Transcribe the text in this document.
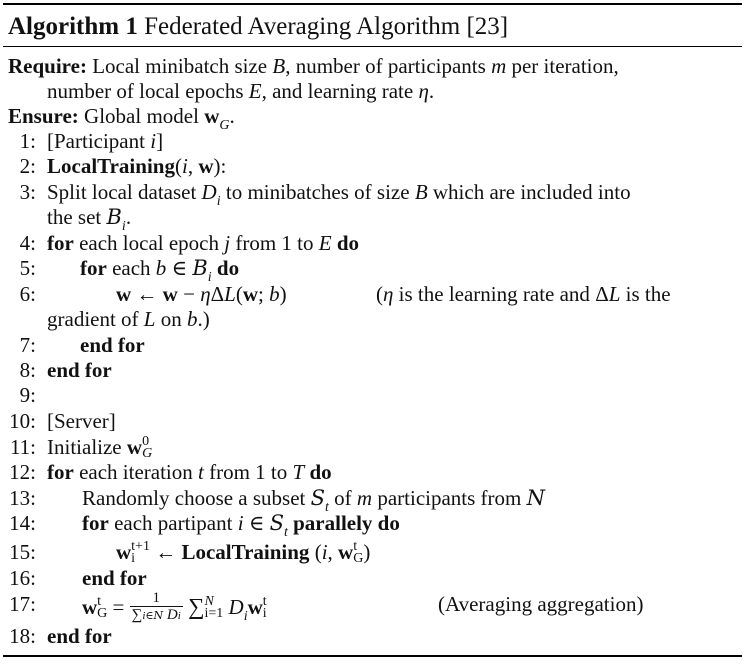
Algorithm 1 Federated Averaging Algorithm [23]
Require: Local minibatch size B, number of participants m per iteration,
number of local epochs E, and learning rate η.
Ensure: Global model $w_G$.
1: [Participant i]
2: LocalTraining(i, w):
3: Split local dataset $D_i$ to minibatches of size B which are included into
the set $B_i$.
4: for each local epoch j from 1 to E do
5: for each b ∈ $B_i$ do
6:	w ← w − ηΔL(w; b)	(η is the learning rate and ΔL is the
gradient of L on b.)
7: end for
8: end for
9:
10: [Server]
11: Initialize w 0
G
12: for each iteration t from 1 to T do
13: Randomly choose a subset $S_t$ of m participants from N
14: for each partipant i ∈ $S_t$ parallely do
15:	w t+1
i ← LocalTraining (i, w t
G )
16: end for
17: w t
$G = \frac{1}{\text{∑i∈N Di}}$ ∑ N
i=1 $D_iw$ t
i	(Averaging aggregation)
18: end for
